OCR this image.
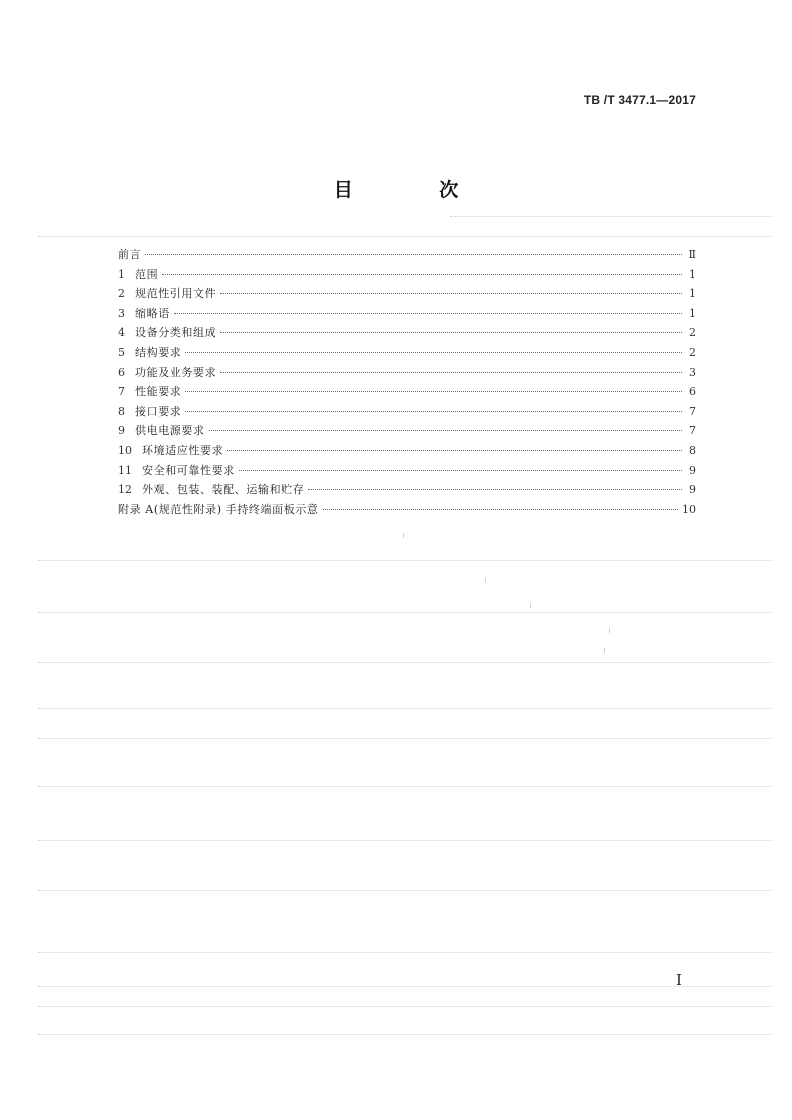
TB /T 3477.1—2017
目 次
前言	Ⅱ
1 范围	1
2 规范性引用文件	1
3 缩略语	1
4 设备分类和组成	2
5 结构要求	2
6 功能及业务要求	3
7 性能要求	6
8 接口要求	7
9 供电电源要求	7
10 环境适应性要求	8
11 安全和可靠性要求	9
12 外观、包装、装配、运输和贮存	9
附录 A(规范性附录) 手持终端面板示意	10
I
